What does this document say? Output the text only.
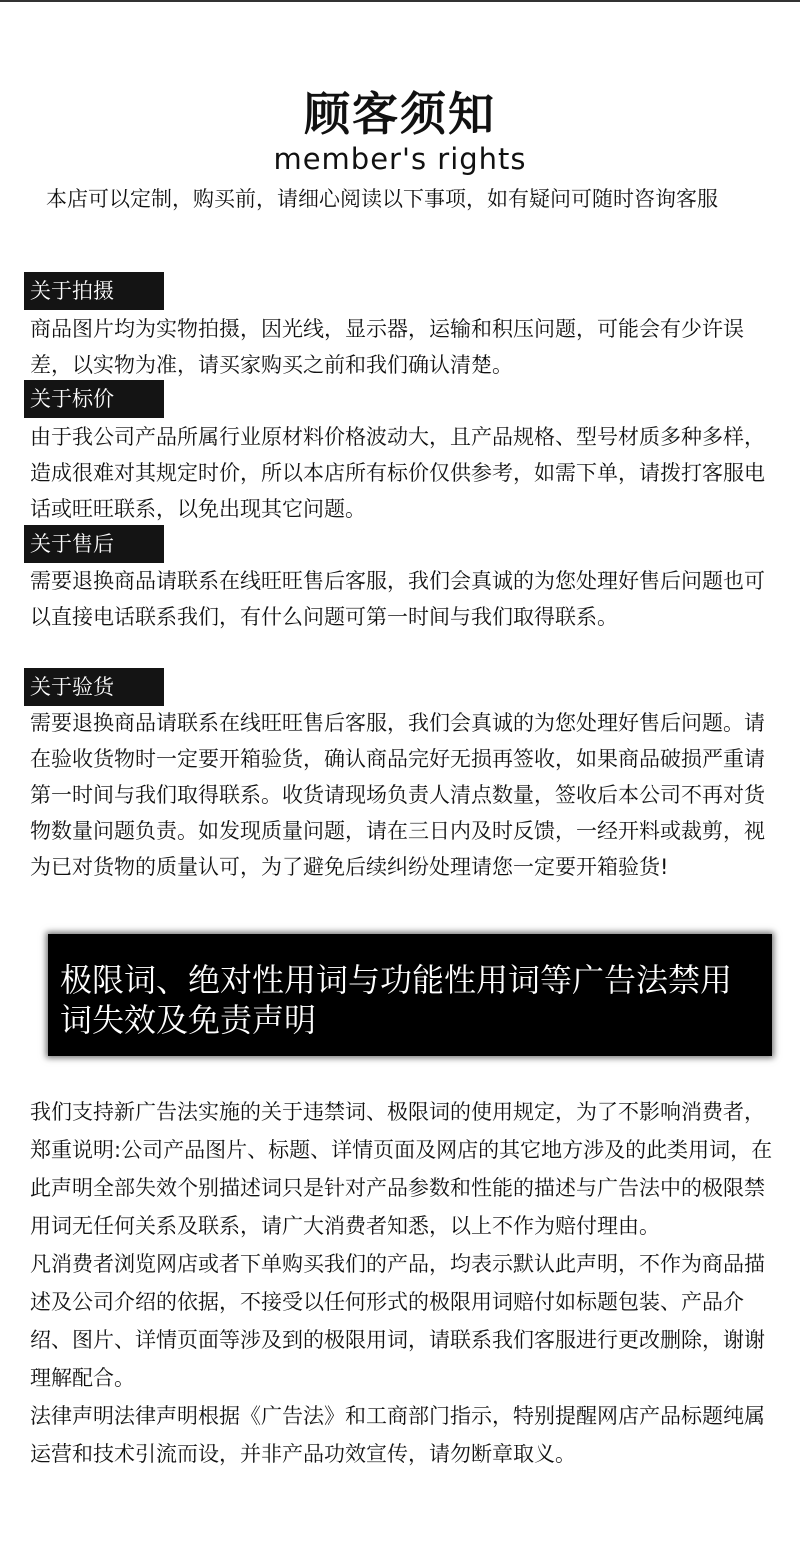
顾客须知
member's rights
本店可以定制，购买前，请细心阅读以下事项，如有疑问可随时咨询客服
关于拍摄
商品图片均为实物拍摄，因光线，显示器，运输和积压问题，可能会有少许误差，以实物为准，请买家购买之前和我们确认清楚。
关于标价
由于我公司产品所属行业原材料价格波动大，且产品规格、型号材质多种多样，造成很难对其规定时价，所以本店所有标价仅供参考，如需下单，请拨打客服电话或旺旺联系，以免出现其它问题。
关于售后
需要退换商品请联系在线旺旺售后客服，我们会真诚的为您处理好售后问题也可以直接电话联系我们，有什么问题可第一时间与我们取得联系。
关于验货
需要退换商品请联系在线旺旺售后客服，我们会真诚的为您处理好售后问题。请在验收货物时一定要开箱验货，确认商品完好无损再签收，如果商品破损严重请第一时间与我们取得联系。收货请现场负责人清点数量，签收后本公司不再对货物数量问题负责。如发现质量问题，请在三日内及时反馈，一经开料或裁剪，视为已对货物的质量认可，为了避免后续纠纷处理请您一定要开箱验货!
极限词、绝对性用词与功能性用词等广告法禁用词失效及免责声明

我们支持新广告法实施的关于违禁词、极限词的使用规定，为了不影响消费者，郑重说明:公司产品图片、标题、详情页面及网店的其它地方涉及的此类用词，在此声明全部失效个别描述词只是针对产品参数和性能的描述与广告法中的极限禁用词无任何关系及联系，请广大消费者知悉，以上不作为赔付理由。

凡消费者浏览网店或者下单购买我们的产品，均表示默认此声明，不作为商品描述及公司介绍的依据，不接受以任何形式的极限用词赔付如标题包装、产品介绍、图片、详情页面等涉及到的极限用词，请联系我们客服进行更改删除，谢谢理解配合。

法律声明法律声明根据《广告法》和工商部门指示，特别提醒网店产品标题纯属运营和技术引流而设，并非产品功效宣传，请勿断章取义。
